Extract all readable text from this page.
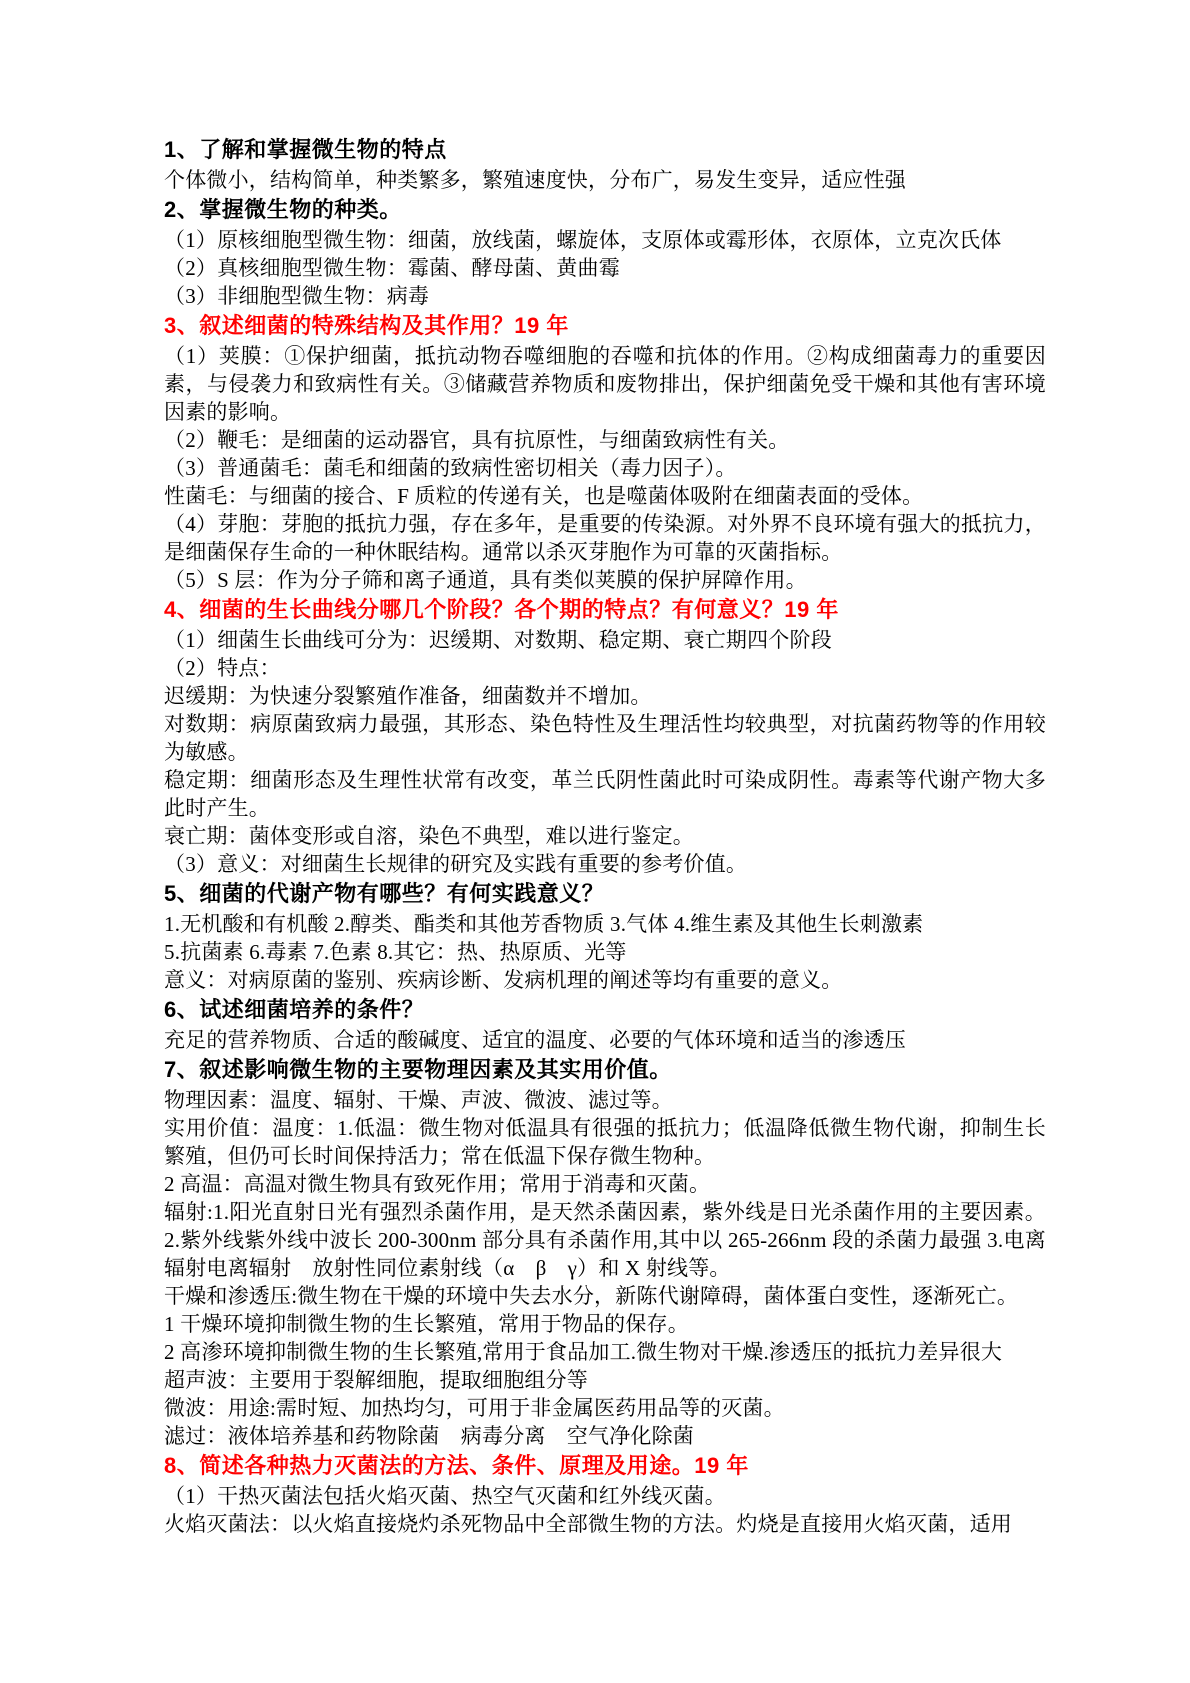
1、了解和掌握微生物的特点

个体微小，结构简单，种类繁多，繁殖速度快，分布广，易发生变异，适应性强

2、掌握微生物的种类。

（1）原核细胞型微生物：细菌，放线菌，螺旋体，支原体或霉形体，衣原体，立克次氏体

（2）真核细胞型微生物：霉菌、酵母菌、黄曲霉

（3）非细胞型微生物：病毒

3、叙述细菌的特殊结构及其作用？19 年

（1）荚膜：①保护细菌，抵抗动物吞噬细胞的吞噬和抗体的作用。②构成细菌毒力的重要因素，与侵袭力和致病性有关。③储藏营养物质和废物排出，保护细菌免受干燥和其他有害环境因素的影响。

（2）鞭毛：是细菌的运动器官，具有抗原性，与细菌致病性有关。

（3）普通菌毛：菌毛和细菌的致病性密切相关（毒力因子）。

性菌毛：与细菌的接合、F 质粒的传递有关，也是噬菌体吸附在细菌表面的受体。

（4）芽胞：芽胞的抵抗力强，存在多年，是重要的传染源。对外界不良环境有强大的抵抗力，是细菌保存生命的一种休眠结构。通常以杀灭芽胞作为可靠的灭菌指标。

（5）S 层：作为分子筛和离子通道，具有类似荚膜的保护屏障作用。

4、细菌的生长曲线分哪几个阶段？各个期的特点？有何意义？19 年

（1）细菌生长曲线可分为：迟缓期、对数期、稳定期、衰亡期四个阶段

（2）特点：

迟缓期：为快速分裂繁殖作准备，细菌数并不增加。

对数期：病原菌致病力最强，其形态、染色特性及生理活性均较典型，对抗菌药物等的作用较为敏感。

稳定期：细菌形态及生理性状常有改变，革兰氏阴性菌此时可染成阴性。毒素等代谢产物大多此时产生。

衰亡期：菌体变形或自溶，染色不典型，难以进行鉴定。

（3）意义：对细菌生长规律的研究及实践有重要的参考价值。

5、细菌的代谢产物有哪些？有何实践意义？

1.无机酸和有机酸 2.醇类、酯类和其他芳香物质 3.气体 4.维生素及其他生长刺激素

5.抗菌素 6.毒素 7.色素 8.其它：热、热原质、光等

意义：对病原菌的鉴别、疾病诊断、发病机理的阐述等均有重要的意义。

6、试述细菌培养的条件？

充足的营养物质、合适的酸碱度、适宜的温度、必要的气体环境和适当的渗透压

7、叙述影响微生物的主要物理因素及其实用价值。

物理因素：温度、辐射、干燥、声波、微波、滤过等。

实用价值：温度：1.低温：微生物对低温具有很强的抵抗力；低温降低微生物代谢，抑制生长繁殖，但仍可长时间保持活力；常在低温下保存微生物种。

2 高温：高温对微生物具有致死作用；常用于消毒和灭菌。

辐射:1.阳光直射日光有强烈杀菌作用，是天然杀菌因素，紫外线是日光杀菌作用的主要因素。2.紫外线紫外线中波长 200-300nm 部分具有杀菌作用,其中以 265-266nm 段的杀菌力最强 3.电离辐射电离辐射　放射性同位素射线（α　β　γ）和 X 射线等。

干燥和渗透压:微生物在干燥的环境中失去水分，新陈代谢障碍，菌体蛋白变性，逐渐死亡。

1 干燥环境抑制微生物的生长繁殖，常用于物品的保存。

2 高渗环境抑制微生物的生长繁殖,常用于食品加工.微生物对干燥.渗透压的抵抗力差异很大

超声波：主要用于裂解细胞，提取细胞组分等

微波：用途:需时短、加热均匀，可用于非金属医药用品等的灭菌。

滤过：液体培养基和药物除菌　病毒分离　空气净化除菌

8、简述各种热力灭菌法的方法、条件、原理及用途。19 年

（1）干热灭菌法包括火焰灭菌、热空气灭菌和红外线灭菌。

火焰灭菌法：以火焰直接烧灼杀死物品中全部微生物的方法。灼烧是直接用火焰灭菌，适用
